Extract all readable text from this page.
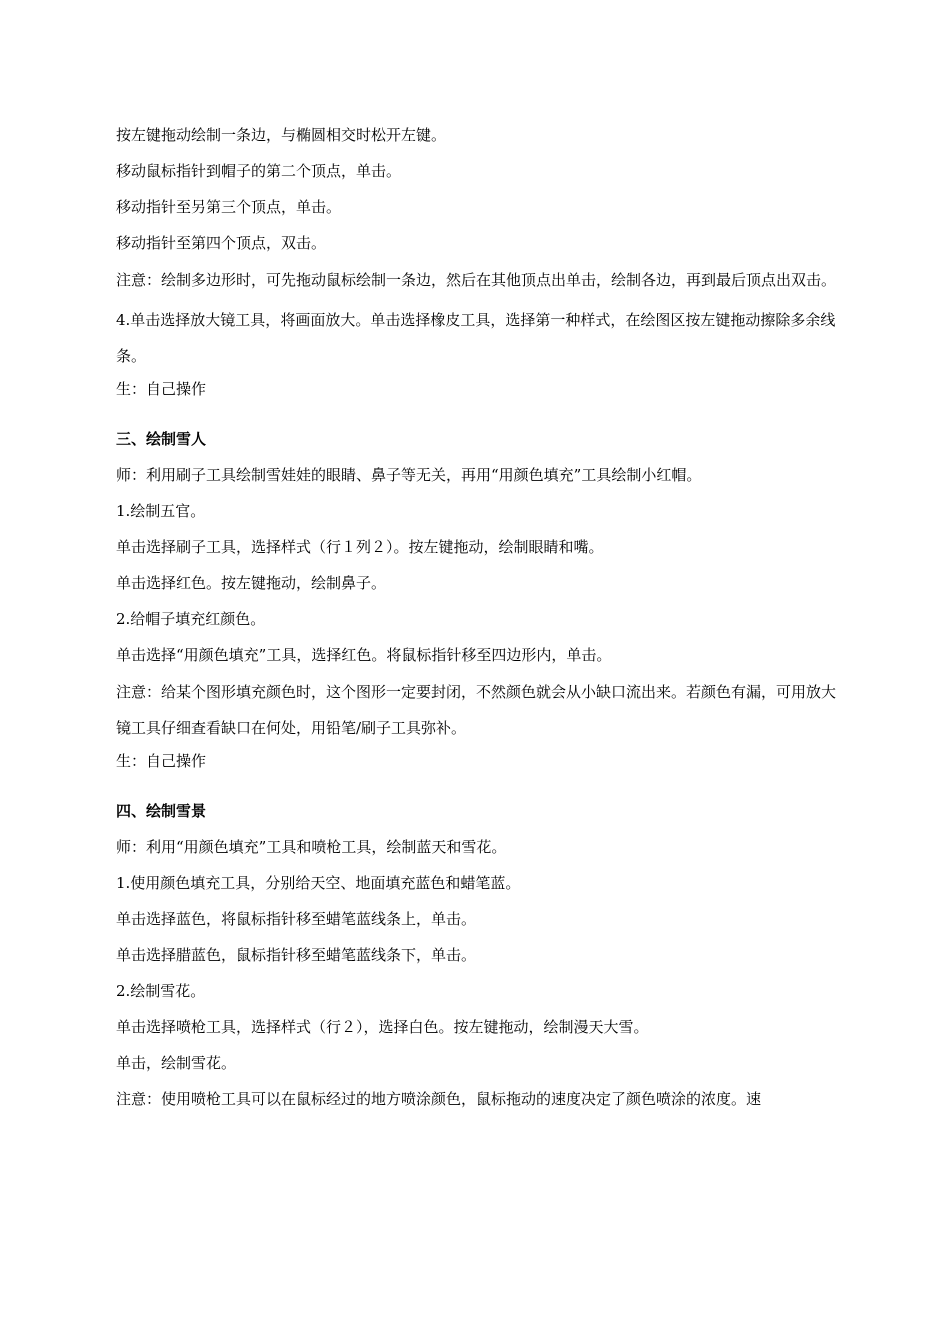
按左键拖动绘制一条边，与椭圆相交时松开左键。

移动鼠标指针到帽子的第二个顶点，单击。

移动指针至另第三个顶点，单击。

移动指针至第四个顶点，双击。

注意：绘制多边形时，可先拖动鼠标绘制一条边，然后在其他顶点出单击，绘制各边，再到最后顶点出双击。

4.单击选择放大镜工具，将画面放大。单击选择橡皮工具，选择第一种样式，在绘图区按左键拖动擦除多余线条。

生：自己操作

三、绘制雪人

师：利用刷子工具绘制雪娃娃的眼睛、鼻子等无关，再用“用颜色填充”工具绘制小红帽。

1.绘制五官。

单击选择刷子工具，选择样式（行１列２）。按左键拖动，绘制眼睛和嘴。

单击选择红色。按左键拖动，绘制鼻子。

2.给帽子填充红颜色。

单击选择“用颜色填充”工具，选择红色。将鼠标指针移至四边形内，单击。

注意：给某个图形填充颜色时，这个图形一定要封闭，不然颜色就会从小缺口流出来。若颜色有漏，可用放大镜工具仔细查看缺口在何处，用铅笔/刷子工具弥补。

生：自己操作

四、绘制雪景

师：利用“用颜色填充”工具和喷枪工具，绘制蓝天和雪花。

1.使用颜色填充工具，分别给天空、地面填充蓝色和蜡笔蓝。

单击选择蓝色，将鼠标指针移至蜡笔蓝线条上，单击。

单击选择腊蓝色，鼠标指针移至蜡笔蓝线条下，单击。

2.绘制雪花。

单击选择喷枪工具，选择样式（行２），选择白色。按左键拖动，绘制漫天大雪。

单击，绘制雪花。

注意：使用喷枪工具可以在鼠标经过的地方喷涂颜色，鼠标拖动的速度决定了颜色喷涂的浓度。速
